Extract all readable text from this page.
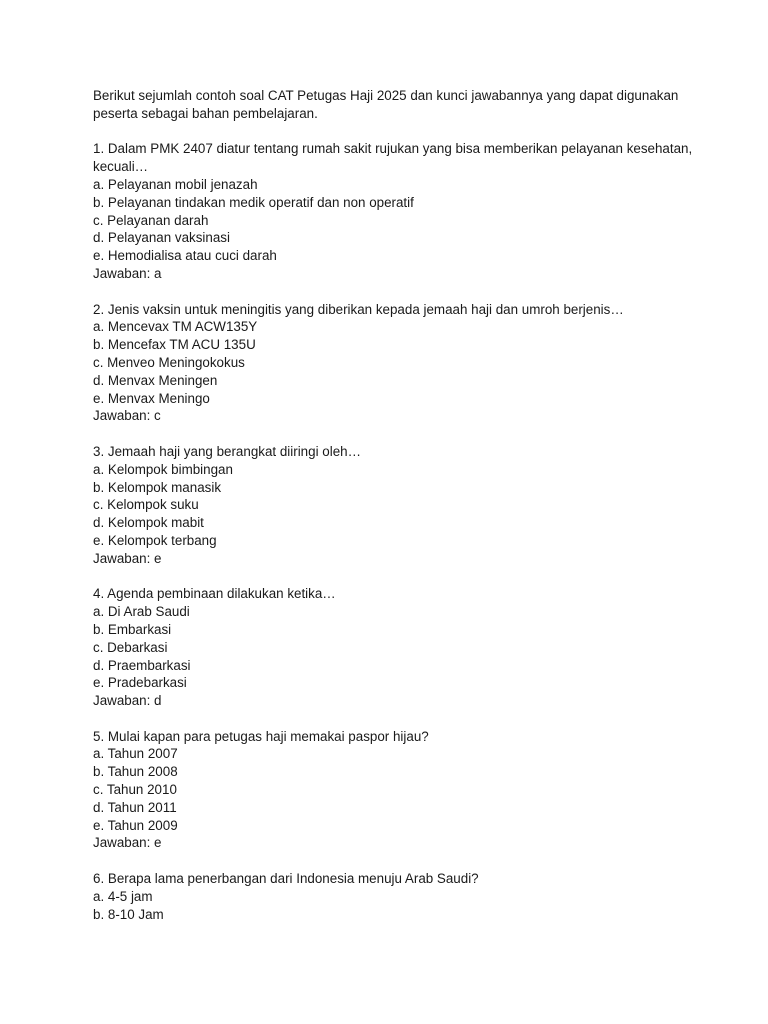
Berikut sejumlah contoh soal CAT Petugas Haji 2025 dan kunci jawabannya yang dapat digunakan peserta sebagai bahan pembelajaran.

1. Dalam PMK 2407 diatur tentang rumah sakit rujukan yang bisa memberikan pelayanan kesehatan, kecuali…
a. Pelayanan mobil jenazah
b. Pelayanan tindakan medik operatif dan non operatif
c. Pelayanan darah
d. Pelayanan vaksinasi
e. Hemodialisa atau cuci darah
Jawaban: a
2. Jenis vaksin untuk meningitis yang diberikan kepada jemaah haji dan umroh berjenis…
a. Mencevax TM ACW135Y
b. Mencefax TM ACU 135U
c. Menveo Meningokokus
d. Menvax Meningen
e. Menvax Meningo
Jawaban: c
3. Jemaah haji yang berangkat diiringi oleh…
a. Kelompok bimbingan
b. Kelompok manasik
c. Kelompok suku
d. Kelompok mabit
e. Kelompok terbang
Jawaban: e
4. Agenda pembinaan dilakukan ketika…
a. Di Arab Saudi
b. Embarkasi
c. Debarkasi
d. Praembarkasi
e. Pradebarkasi
Jawaban: d
5. Mulai kapan para petugas haji memakai paspor hijau?
a. Tahun 2007
b. Tahun 2008
c. Tahun 2010
d. Tahun 2011
e. Tahun 2009
Jawaban: e
6. Berapa lama penerbangan dari Indonesia menuju Arab Saudi?
a. 4-5 jam
b. 8-10 Jam
